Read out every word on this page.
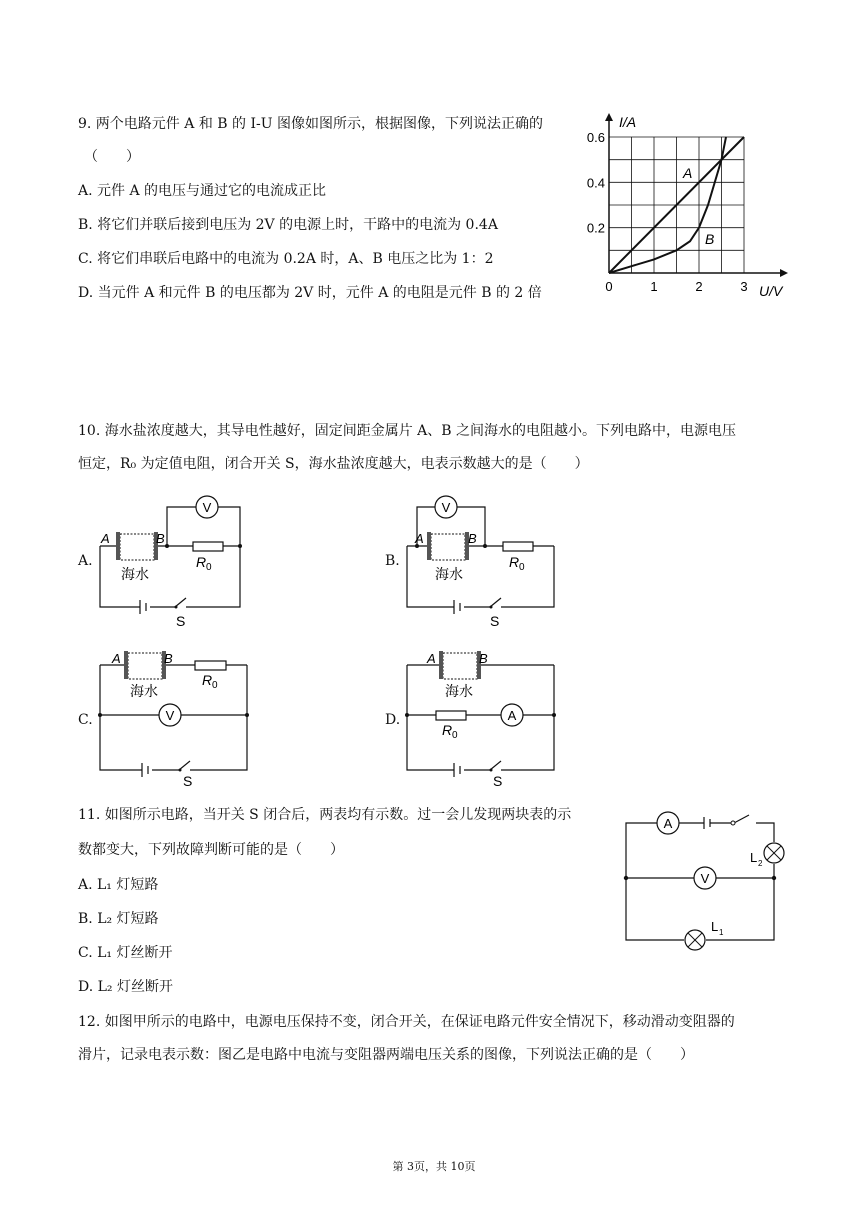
9. 两个电路元件 A 和 B 的 I-U 图像如图所示，根据图像，下列说法正确的
（　　）
A. 元件 A 的电压与通过它的电流成正比
B. 将它们并联后接到电压为 2V 的电源上时，干路中的电流为 0.4A
C. 将它们串联后电路中的电流为 0.2A 时，A、B 电压之比为 1：2
D. 当元件 A 和元件 B 的电压都为 2V 时，元件 A 的电阻是元件 B 的 2 倍
I/A
U/V
0	1	2	3
0.6
0.4
0.2
A
B
10. 海水盐浓度越大，其导电性越好，固定间距金属片 A、B 之间海水的电阻越小。下列电路中，电源电压
恒定，R₀ 为定值电阻，闭合开关 S，海水盐浓度越大，电表示数越大的是（　　）
A.	B.
C.	D.
V
A	B
海水
R 0
S
V
A	B
海水
R 0
S
V
A	B
海水
R 0
S
A
A	B
海水
R 0
S
11. 如图所示电路，当开关 S 闭合后，两表均有示数。过一会儿发现两块表的示
数都变大，下列故障判断可能的是（　　）
A. L₁ 灯短路
B. L₂ 灯短路
C. L₁ 灯丝断开
D. L₂ 灯丝断开
A
V
L 2
L 1
12. 如图甲所示的电路中，电源电压保持不变，闭合开关，在保证电路元件安全情况下，移动滑动变阻器的
滑片，记录电表示数：图乙是电路中电流与变阻器两端电压关系的图像，下列说法正确的是（　　）
第 3页，共 10页
